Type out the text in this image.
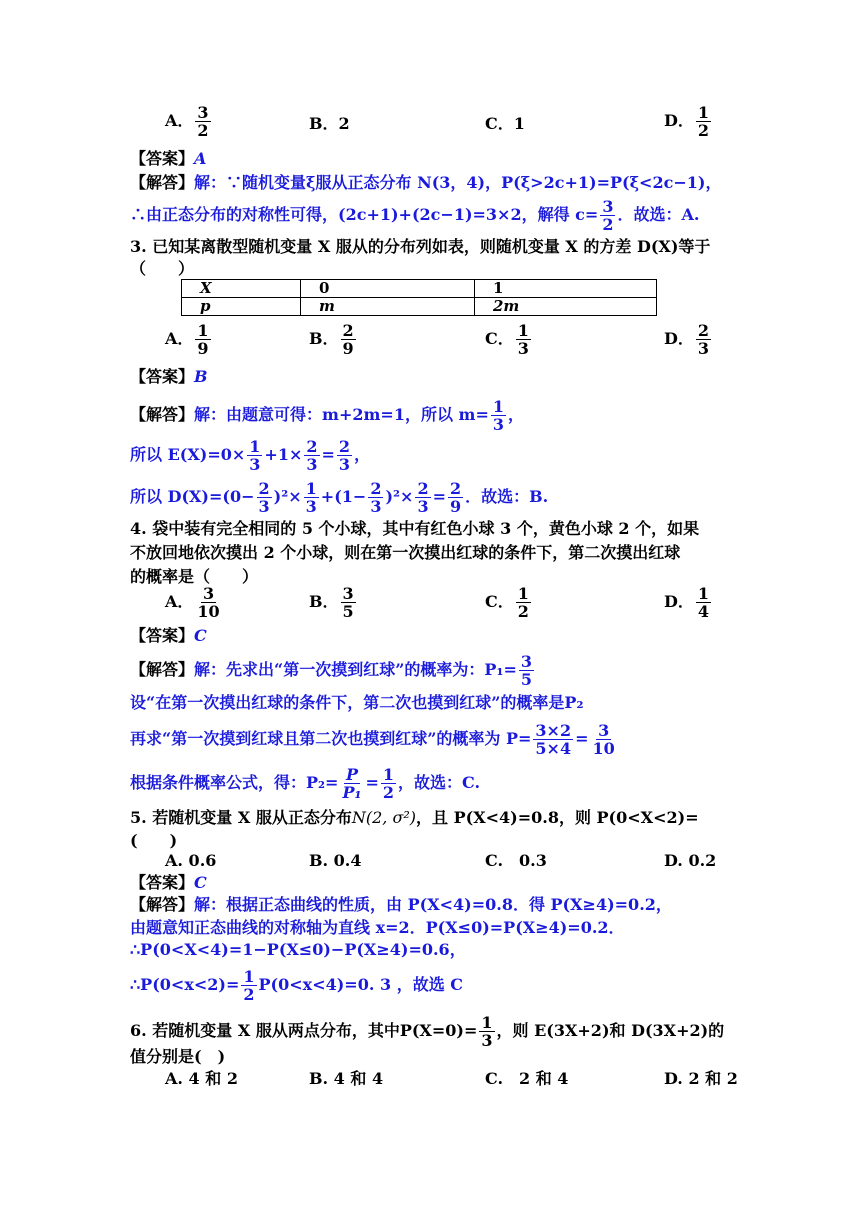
A． $\frac{3}{2}$	B．2	C．1	D． $\frac{1}{2}$
【答案】A
【解答】解：∵随机变量ξ服从正态分布 N(3，4)，P(ξ>2c+1)=P(ξ<2c−1)，
∴由正态分布的对称性可得，(2c+1)+(2c−1)=3×2，解得 $c= \frac{3}{2}$ ．故选：A.
3. 已知某离散型随机变量 X 服从的分布列如表，则随机变量 X 的方差 D(X)等于
（　　）
X	0	1
p	m	2m
A． $\frac{1}{9}$	B． $\frac{2}{9}$	C． $\frac{1}{3}$	D． $\frac{2}{3}$
【答案】B
【解答】解：由题意可得：m+2m=1，所以 $m= \frac{1}{3}$ ，
所以 $E(X)=0\times \frac{1}{3} +1\times \frac{2}{3} = \frac{2}{3}$ ，
所以 $D(X)=(0- \frac{2}{3} )^2\times \frac{1}{3} +(1- \frac{2}{3} )^2\times \frac{2}{3} = \frac{2}{9}$ ．故选：B.
4. 袋中装有完全相同的 5 个小球，其中有红色小球 3 个，黄色小球 2 个，如果
不放回地依次摸出 2 个小球，则在第一次摸出红球的条件下，第二次摸出红球
的概率是（　　）
A． $\frac{3}{10}$	B． $\frac{3}{5}$	C． $\frac{1}{2}$	D． $\frac{1}{4}$
【答案】C
【解答】解：先求出“第一次摸到红球”的概率为：$P_1= \frac{3}{5}$
设“在第一次摸出红球的条件下，第二次也摸到红球”的概率是P₂
再求“第一次摸到红球且第二次也摸到红球”的概率为 $P= \frac{3\times 2}{5\times 4} = \frac{3}{10}$
根据条件概率公式，得：$P_2= \frac{P}{\text{P₁}} = \frac{1}{2}$ ，故选：C.
5. 若随机变量 X 服从正态分布N(2, σ²)，且 P(X<4)=0.8，则 P(0<X<2)=
(　　)
A. 0.6	B. 0.4	C.　0.3	D. 0.2
【答案】C
【解答】解：根据正态曲线的性质，由 P(X<4)=0.8．得 P(X≥4)=0.2，
由题意知正态曲线的对称轴为直线 x=2．P(X≤0)=P(X≥4)=0.2．
∴P(0<X<4)=1−P(X≤0)−P(X≥4)=0.6，
∴P(0<x<2)= $\frac{1}{2} P(0<x<4)=0$. 3 ，故选 C
6. 若随机变量 X 服从两点分布，其中$P(X=0)= \frac{1}{3}$ ，则 E(3X+2)和 D(3X+2)的
值分别是(　)
A. 4 和 2	B. 4 和 4	C.　2 和 4	D. 2 和 2
